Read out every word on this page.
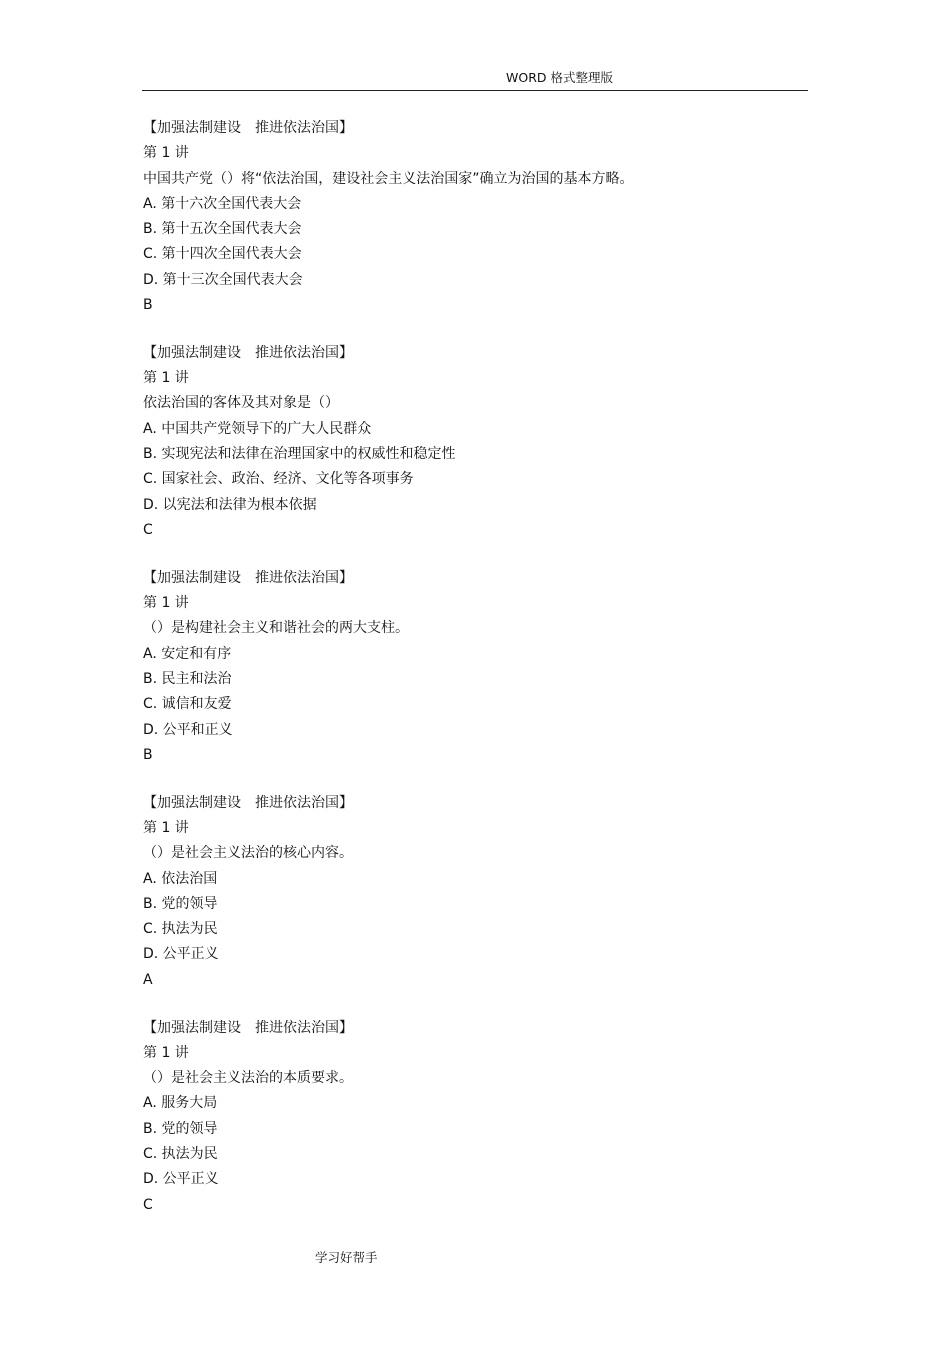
WORD 格式整理版
【加强法制建设　推进依法治国】
第 1 讲
中国共产党（）将“依法治国，建设社会主义法治国家”确立为治国的基本方略。
A. 第十六次全国代表大会
B. 第十五次全国代表大会
C. 第十四次全国代表大会
D. 第十三次全国代表大会
B
【加强法制建设　推进依法治国】
第 1 讲
依法治国的客体及其对象是（）
A. 中国共产党领导下的广大人民群众
B. 实现宪法和法律在治理国家中的权威性和稳定性
C. 国家社会、政治、经济、文化等各项事务
D. 以宪法和法律为根本依据
C
【加强法制建设　推进依法治国】
第 1 讲
（）是构建社会主义和谐社会的两大支柱。
A. 安定和有序
B. 民主和法治
C. 诚信和友爱
D. 公平和正义
B
【加强法制建设　推进依法治国】
第 1 讲
（）是社会主义法治的核心内容。
A. 依法治国
B. 党的领导
C. 执法为民
D. 公平正义
A
【加强法制建设　推进依法治国】
第 1 讲
（）是社会主义法治的本质要求。
A. 服务大局
B. 党的领导
C. 执法为民
D. 公平正义
C
学习好帮手
